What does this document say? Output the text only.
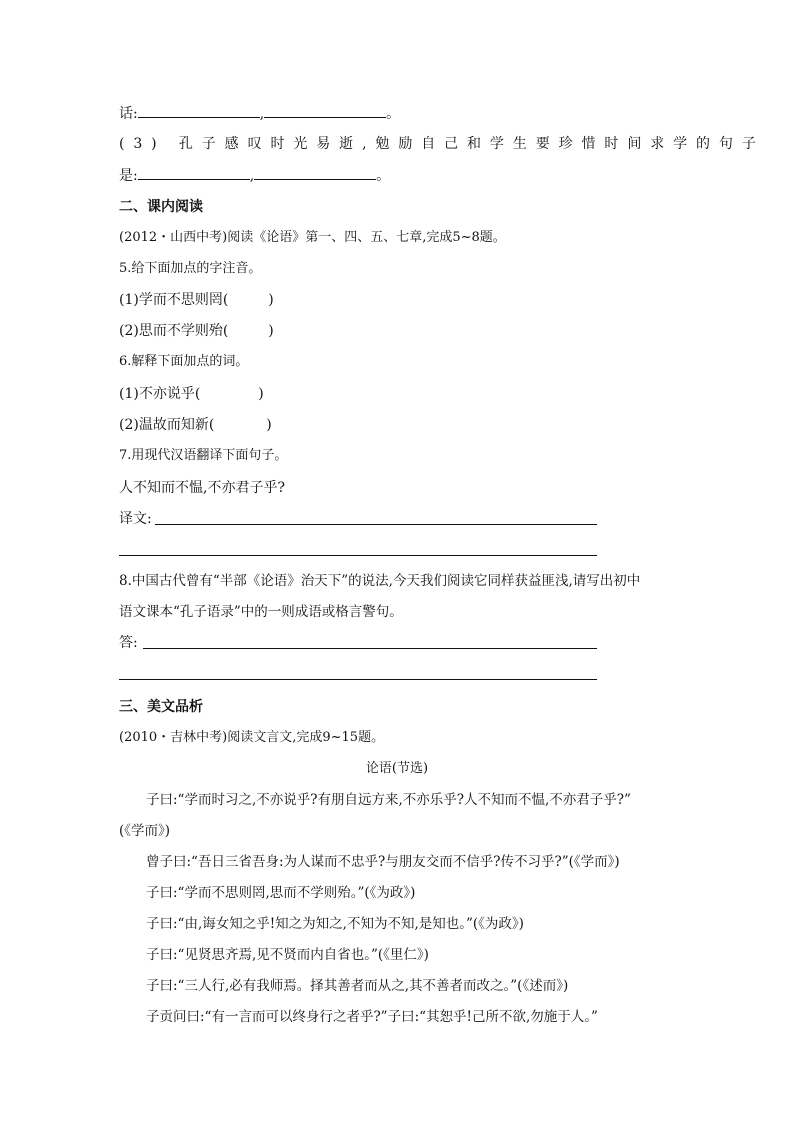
话:	,	。
(3) 孔子感叹时光易逝,勉励自己和学生要珍惜时间求学的句子
是:	,	。
二、课内阅读
(2012・山西中考)阅读《论语》第一、四、五、七章,完成5~8题。
5.给下面加点的字注音。
(1)学而不思则罔(	)
(2)思而不学则殆(	)
6.解释下面加点的词。
(1)不亦说乎(	)
(2)温故而知新(	)
7.用现代汉语翻译下面句子。
人不知而不愠,不亦君子乎?
译文:
8.中国古代曾有“半部《论语》治天下”的说法,今天我们阅读它同样获益匪浅,请写出初中
语文课本“孔子语录”中的一则成语或格言警句。
答:
三、美文品析
(2010・吉林中考)阅读文言文,完成9~15题。
论语(节选)
子曰:“学而时习之,不亦说乎?有朋自远方来,不亦乐乎?人不知而不愠,不亦君子乎?”
(《学而》)
曾子曰:“吾日三省吾身:为人谋而不忠乎?与朋友交而不信乎?传不习乎?”(《学而》)
子曰:“学而不思则罔,思而不学则殆。”(《为政》)
子曰:“由,诲女知之乎!知之为知之,不知为不知,是知也。”(《为政》)
子曰:“见贤思齐焉,见不贤而内自省也。”(《里仁》)
子曰:“三人行,必有我师焉。择其善者而从之,其不善者而改之。”(《述而》)
子贡问曰:“有一言而可以终身行之者乎?”子曰:“其恕乎!己所不欲,勿施于人。”
